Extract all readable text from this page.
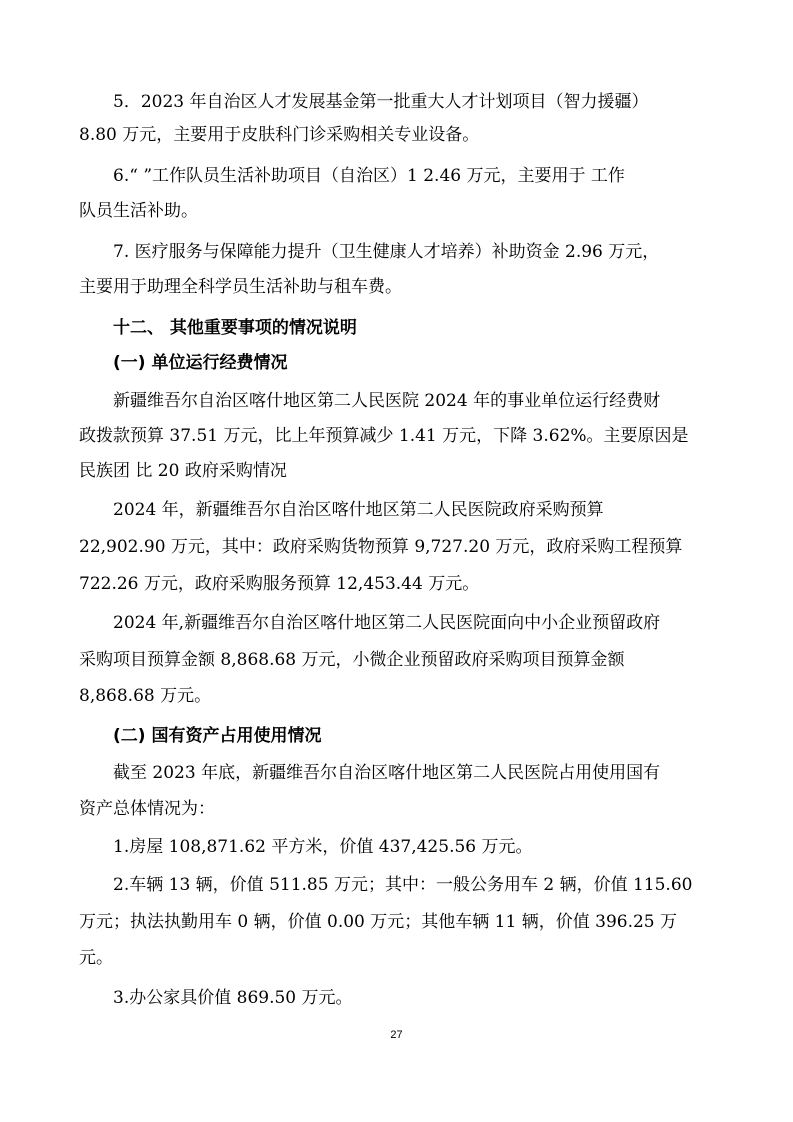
5．2023 年自治区人才发展基金第一批重大人才计划项目（智力援疆）
8.80 万元，主要用于皮肤科门诊采购相关专业设备。
6.“ ”工作队员生活补助项目（自治区）1 2.46 万元，主要用于 工作
队员生活补助。
7. 医疗服务与保障能力提升（卫生健康人才培养）补助资金 2.96 万元，
主要用于助理全科学员生活补助与租车费。
十二、 其他重要事项的情况说明
(一) 单位运行经费情况
新疆维吾尔自治区喀什地区第二人民医院 2024 年的事业单位运行经费财
政拨款预算 37.51 万元，比上年预算减少 1.41 万元，下降 3.62%。主要原因是
民族团 比 20 政府采购情况
2024 年，新疆维吾尔自治区喀什地区第二人民医院政府采购预算
22,902.90 万元，其中：政府采购货物预算 9,727.20 万元，政府采购工程预算
722.26 万元，政府采购服务预算 12,453.44 万元。
2024 年,新疆维吾尔自治区喀什地区第二人民医院面向中小企业预留政府
采购项目预算金额 8,868.68 万元，小微企业预留政府采购项目预算金额
8,868.68 万元。
(二) 国有资产占用使用情况
截至 2023 年底，新疆维吾尔自治区喀什地区第二人民医院占用使用国有
资产总体情况为：
1.房屋 108,871.62 平方米，价值 437,425.56 万元。
2.车辆 13 辆，价值 511.85 万元；其中：一般公务用车 2 辆，价值 115.60
万元；执法执勤用车 0 辆，价值 0.00 万元；其他车辆 11 辆，价值 396.25 万
元。
3.办公家具价值 869.50 万元。
27
